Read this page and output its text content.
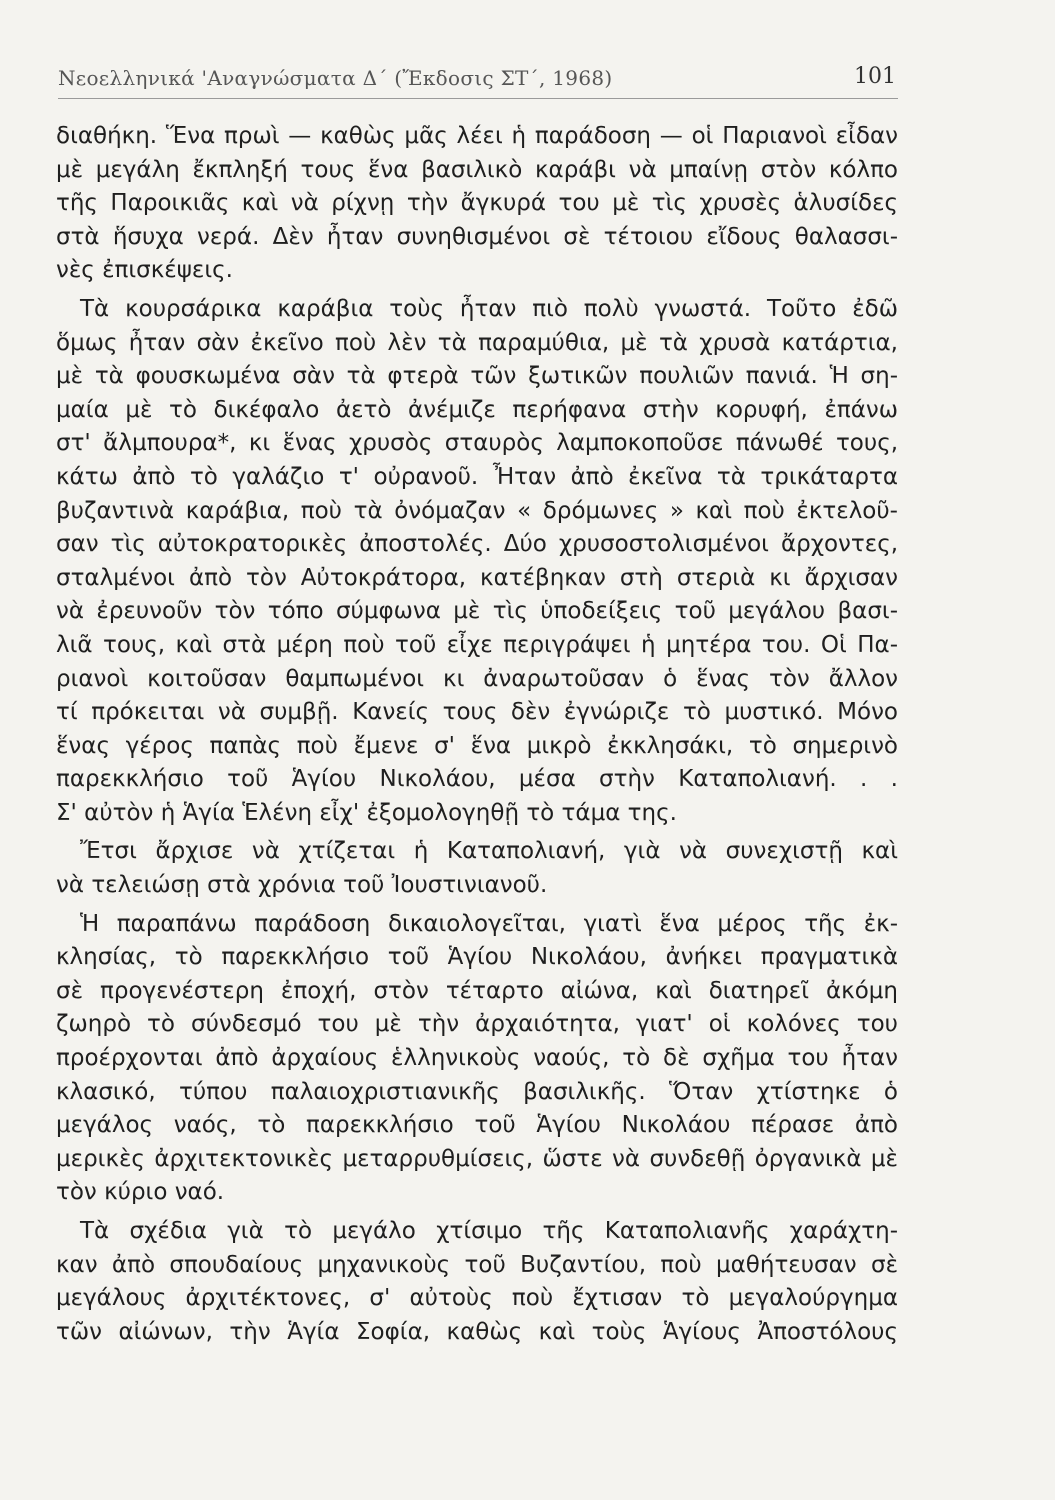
Νεοελληνικά 'Αναγνώσματα Δ΄ (Ἔκδοσις ΣΤ΄, 1968)	101
διαθήκη. Ἕνα πρωὶ — καθὼς μᾶς λέει ἡ παράδοση — οἱ Παριανοὶ εἶδαν
μὲ μεγάλη ἔκπληξή τους ἕνα βασιλικὸ καράβι νὰ μπαίνῃ στὸν κόλπο
τῆς Παροικιᾶς καὶ νὰ ρίχνῃ τὴν ἄγκυρά του μὲ τὶς χρυσὲς ἁλυσίδες
στὰ ἥσυχα νερά. Δὲν ἦταν συνηθισμένοι σὲ τέτοιου εἴδους θαλασσι-
νὲς ἐπισκέψεις.
Τὰ κουρσάρικα καράβια τοὺς ἦταν πιὸ πολὺ γνωστά. Τοῦτο ἐδῶ
ὅμως ἦταν σὰν ἐκεῖνο ποὺ λὲν τὰ παραμύθια, μὲ τὰ χρυσὰ κατάρτια,
μὲ τὰ φουσκωμένα σὰν τὰ φτερὰ τῶν ξωτικῶν πουλιῶν πανιά. Ἡ ση-
μαία μὲ τὸ δικέφαλο ἀετὸ ἀνέμιζε περήφανα στὴν κορυφή, ἐπάνω
στ' ἄλμπουρα*, κι ἕνας χρυσὸς σταυρὸς λαμποκοποῦσε πάνωθέ τους,
κάτω ἀπὸ τὸ γαλάζιο τ' οὐρανοῦ. Ἦταν ἀπὸ ἐκεῖνα τὰ τρικάταρτα
βυζαντινὰ καράβια, ποὺ τὰ ὀνόμαζαν « δρόμωνες » καὶ ποὺ ἐκτελοῦ-
σαν τὶς αὐτοκρατορικὲς ἀποστολές. Δύο χρυσοστολισμένοι ἄρχοντες,
σταλμένοι ἀπὸ τὸν Αὐτοκράτορα, κατέβηκαν στὴ στεριὰ κι ἄρχισαν
νὰ ἐρευνοῦν τὸν τόπο σύμφωνα μὲ τὶς ὑποδείξεις τοῦ μεγάλου βασι-
λιᾶ τους, καὶ στὰ μέρη ποὺ τοῦ εἶχε περιγράψει ἡ μητέρα του. Οἱ Πα-
ριανοὶ κοιτοῦσαν θαμπωμένοι κι ἀναρωτοῦσαν ὁ ἕνας τὸν ἄλλον
τί πρόκειται νὰ συμβῇ. Κανείς τους δὲν ἐγνώριζε τὸ μυστικό. Μόνο
ἕνας γέρος παπὰς ποὺ ἔμενε σ' ἕνα μικρὸ ἐκκλησάκι, τὸ σημερινὸ
παρεκκλήσιο τοῦ Ἁγίου Νικολάου, μέσα στὴν Καταπολιανή. . .
Σ' αὐτὸν ἡ Ἁγία Ἑλένη εἶχ' ἐξομολογηθῇ τὸ τάμα της.
Ἔτσι ἄρχισε νὰ χτίζεται ἡ Καταπολιανή, γιὰ νὰ συνεχιστῇ καὶ
νὰ τελειώσῃ στὰ χρόνια τοῦ Ἰουστινιανοῦ.
Ἡ παραπάνω παράδοση δικαιολογεῖται, γιατὶ ἕνα μέρος τῆς ἐκ-
κλησίας, τὸ παρεκκλήσιο τοῦ Ἁγίου Νικολάου, ἀνήκει πραγματικὰ
σὲ προγενέστερη ἐποχή, στὸν τέταρτο αἰώνα, καὶ διατηρεῖ ἀκόμη
ζωηρὸ τὸ σύνδεσμό του μὲ τὴν ἀρχαιότητα, γιατ' οἱ κολόνες του
προέρχονται ἀπὸ ἀρχαίους ἑλληνικοὺς ναούς, τὸ δὲ σχῆμα του ἦταν
κλασικό, τύπου παλαιοχριστιανικῆς βασιλικῆς. Ὅταν χτίστηκε ὁ
μεγάλος ναός, τὸ παρεκκλήσιο τοῦ Ἁγίου Νικολάου πέρασε ἀπὸ
μερικὲς ἀρχιτεκτονικὲς μεταρρυθμίσεις, ὥστε νὰ συνδεθῇ ὀργανικὰ μὲ
τὸν κύριο ναό.
Τὰ σχέδια γιὰ τὸ μεγάλο χτίσιμο τῆς Καταπολιανῆς χαράχτη-
καν ἀπὸ σπουδαίους μηχανικοὺς τοῦ Βυζαντίου, ποὺ μαθήτευσαν σὲ
μεγάλους ἀρχιτέκτονες, σ' αὐτοὺς ποὺ ἔχτισαν τὸ μεγαλούργημα
τῶν αἰώνων, τὴν Ἁγία Σοφία, καθὼς καὶ τοὺς Ἁγίους Ἀποστόλους
